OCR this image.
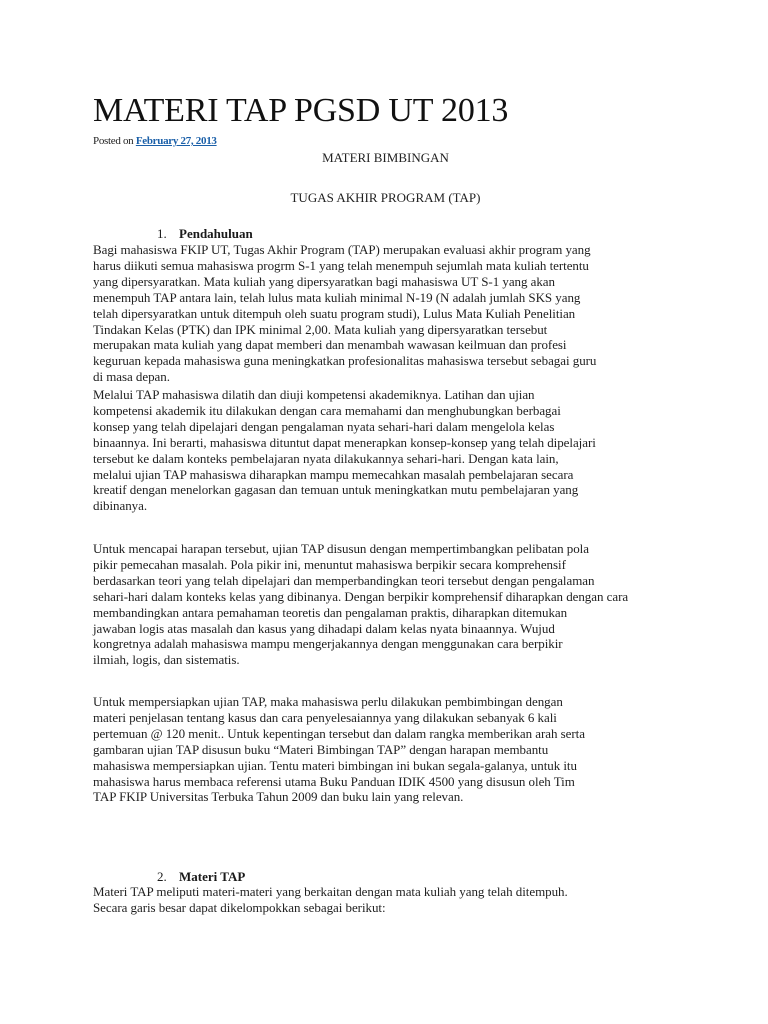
MATERI TAP PGSD UT 2013
Posted on February 27, 2013
MATERI BIMBINGAN
TUGAS AKHIR PROGRAM (TAP)
1. Pendahuluan

Bagi mahasiswa FKIP UT, Tugas Akhir Program (TAP) merupakan evaluasi akhir program yang
harus diikuti semua mahasiswa progrm S-1 yang telah menempuh sejumlah mata kuliah tertentu
yang dipersyaratkan. Mata kuliah yang dipersyaratkan bagi mahasiswa UT S-1 yang akan
menempuh TAP antara lain, telah lulus mata kuliah minimal N-19 (N adalah jumlah SKS yang
telah dipersyaratkan untuk ditempuh oleh suatu program studi), Lulus Mata Kuliah Penelitian
Tindakan Kelas (PTK) dan IPK minimal 2,00. Mata kuliah yang dipersyaratkan tersebut
merupakan mata kuliah yang dapat memberi dan menambah wawasan keilmuan dan profesi
keguruan kepada mahasiswa guna meningkatkan profesionalitas mahasiswa tersebut sebagai guru
di masa depan.

Melalui TAP mahasiswa dilatih dan diuji kompetensi akademiknya. Latihan dan ujian
kompetensi akademik itu dilakukan dengan cara memahami dan menghubungkan berbagai
konsep yang telah dipelajari dengan pengalaman nyata sehari-hari dalam mengelola kelas
binaannya. Ini berarti, mahasiswa dituntut dapat menerapkan konsep-konsep yang telah dipelajari
tersebut ke dalam konteks pembelajaran nyata dilakukannya sehari-hari. Dengan kata lain,
melalui ujian TAP mahasiswa diharapkan mampu memecahkan masalah pembelajaran secara
kreatif dengan menelorkan gagasan dan temuan untuk meningkatkan mutu pembelajaran yang
dibinanya.

Untuk mencapai harapan tersebut, ujian TAP disusun dengan mempertimbangkan pelibatan pola
pikir pemecahan masalah. Pola pikir ini, menuntut mahasiswa berpikir secara komprehensif
berdasarkan teori yang telah dipelajari dan memperbandingkan teori tersebut dengan pengalaman
sehari-hari dalam konteks kelas yang dibinanya. Dengan berpikir komprehensif diharapkan dengan cara
membandingkan antara pemahaman teoretis dan pengalaman praktis, diharapkan ditemukan
jawaban logis atas masalah dan kasus yang dihadapi dalam kelas nyata binaannya. Wujud
kongretnya adalah mahasiswa mampu mengerjakannya dengan menggunakan cara berpikir
ilmiah, logis, dan sistematis.

Untuk mempersiapkan ujian TAP, maka mahasiswa perlu dilakukan pembimbingan dengan
materi penjelasan tentang kasus dan cara penyelesaiannya yang dilakukan sebanyak 6 kali
pertemuan @ 120 menit.. Untuk kepentingan tersebut dan dalam rangka memberikan arah serta
gambaran ujian TAP disusun buku “Materi Bimbingan TAP” dengan harapan membantu
mahasiswa mempersiapkan ujian. Tentu materi bimbingan ini bukan segala-galanya, untuk itu
mahasiswa harus membaca referensi utama Buku Panduan IDIK 4500 yang disusun oleh Tim
TAP FKIP Universitas Terbuka Tahun 2009 dan buku lain yang relevan.

2. Materi TAP

Materi TAP meliputi materi-materi yang berkaitan dengan mata kuliah yang telah ditempuh.
Secara garis besar dapat dikelompokkan sebagai berikut:
